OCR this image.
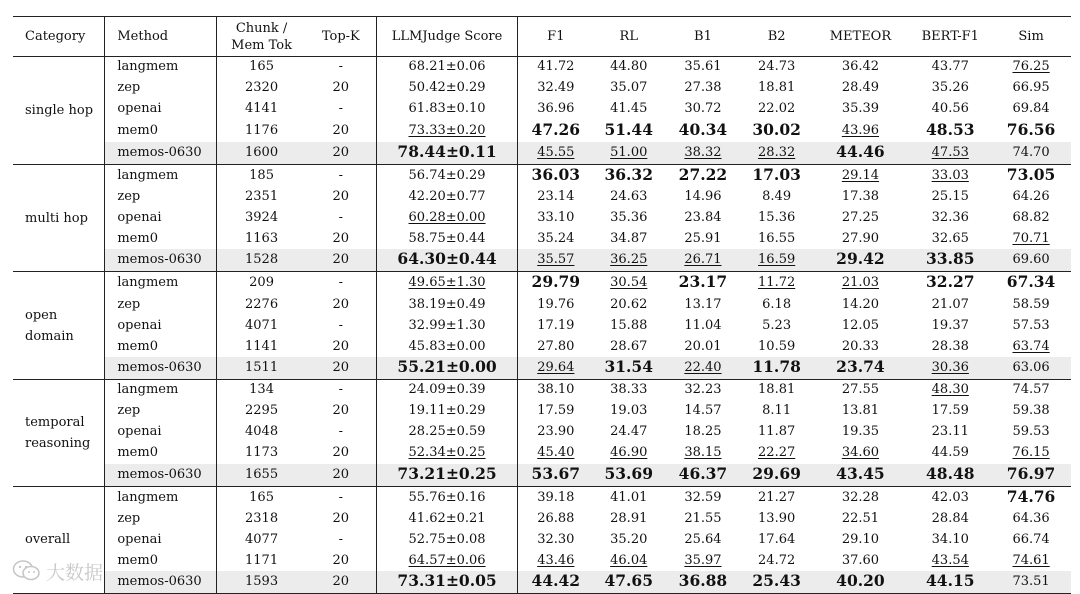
Category	Method	Chunk / Mem Tok	Top-K	LLMJudge Score	F1	RL	B1	B2	METEOR	BERT-F1	Sim
single hop	langmem	165	-	68.21±0.06	41.72	44.80	35.61	24.73	36.42	43.77	76.25
	zep	2320	20	50.42±0.29	32.49	35.07	27.38	18.81	28.49	35.26	66.95
	openai	4141	-	61.83±0.10	36.96	41.45	30.72	22.02	35.39	40.56	69.84
	mem0	1176	20	73.33±0.20	47.26	51.44	40.34	30.02	43.96	48.53	76.56
	memos-0630	1600	20	78.44±0.11	45.55	51.00	38.32	28.32	44.46	47.53	74.70
multi hop	langmem	185	-	56.74±0.29	36.03	36.32	27.22	17.03	29.14	33.03	73.05
	zep	2351	20	42.20±0.77	23.14	24.63	14.96	8.49	17.38	25.15	64.26
	openai	3924	-	60.28±0.00	33.10	35.36	23.84	15.36	27.25	32.36	68.82
	mem0	1163	20	58.75±0.44	35.24	34.87	25.91	16.55	27.90	32.65	70.71
	memos-0630	1528	20	64.30±0.44	35.57	36.25	26.71	16.59	29.42	33.85	69.60
open domain	langmem	209	-	49.65±1.30	29.79	30.54	23.17	11.72	21.03	32.27	67.34
	zep	2276	20	38.19±0.49	19.76	20.62	13.17	6.18	14.20	21.07	58.59
	openai	4071	-	32.99±1.30	17.19	15.88	11.04	5.23	12.05	19.37	57.53
	mem0	1141	20	45.83±0.00	27.80	28.67	20.01	10.59	20.33	28.38	63.74
	memos-0630	1511	20	55.21±0.00	29.64	31.54	22.40	11.78	23.74	30.36	63.06
temporal reasoning	langmem	134	-	24.09±0.39	38.10	38.33	32.23	18.81	27.55	48.30	74.57
	zep	2295	20	19.11±0.29	17.59	19.03	14.57	8.11	13.81	17.59	59.38
	openai	4048	-	28.25±0.59	23.90	24.47	18.25	11.87	19.35	23.11	59.53
	mem0	1173	20	52.34±0.25	45.40	46.90	38.15	22.27	34.60	44.59	76.15
	memos-0630	1655	20	73.21±0.25	53.67	53.69	46.37	29.69	43.45	48.48	76.97
overall	langmem	165	-	55.76±0.16	39.18	41.01	32.59	21.27	32.28	42.03	74.76
	zep	2318	20	41.62±0.21	26.88	28.91	21.55	13.90	22.51	28.84	64.36
	openai	4077	-	52.75±0.08	32.30	35.20	25.64	17.64	29.10	34.10	66.74
	mem0	1171	20	64.57±0.06	43.46	46.04	35.97	24.72	37.60	43.54	74.61
	memos-0630	1593	20	73.31±0.05	44.42	47.65	36.88	25.43	40.20	44.15	73.51
大数据
